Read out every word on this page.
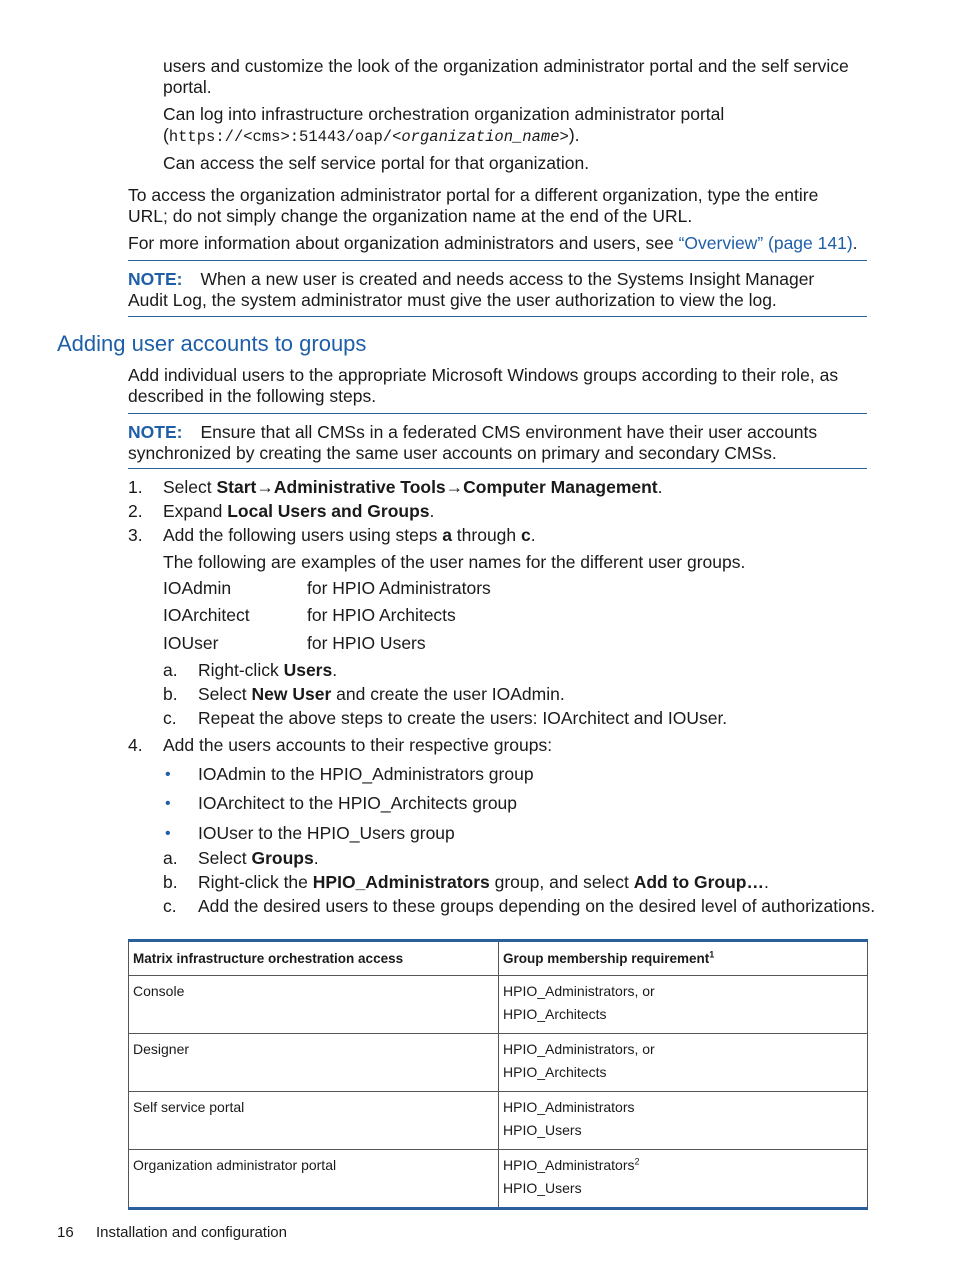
users and customize the look of the organization administrator portal and the self service portal.

Can log into infrastructure orchestration organization administrator portal
(https://<cms>:51443/oap/<organization_name>).

Can access the self service portal for that organization.

To access the organization administrator portal for a different organization, type the entire URL; do not simply change the organization name at the end of the URL.

For more information about organization administrators and users, see “Overview” (page 141).

NOTE: When a new user is created and needs access to the Systems Insight Manager Audit Log, the system administrator must give the user authorization to view the log.

Adding user accounts to groups

Add individual users to the appropriate Microsoft Windows groups according to their role, as described in the following steps.

NOTE: Ensure that all CMSs in a federated CMS environment have their user accounts synchronized by creating the same user accounts on primary and secondary CMSs.

1. Select Start→Administrative Tools→Computer Management.

2. Expand Local Users and Groups.

3. Add the following users using steps a through c.

The following are examples of the user names for the different user groups.

IOAdmin	for HPIO Administrators
IOArchitect	for HPIO Architects
IOUser	for HPIO Users
a. Right-click Users.

b. Select New User and create the user IOAdmin.

c. Repeat the above steps to create the users: IOArchitect and IOUser.

4. Add the users accounts to their respective groups:

• IOAdmin to the HPIO_Administrators group
• IOArchitect to the HPIO_Architects group
• IOUser to the HPIO_Users group
a. Select Groups.

b. Right-click the HPIO_Administrators group, and select Add to Group….

c. Add the desired users to these groups depending on the desired level of authorizations.

Matrix infrastructure orchestration access	Group membership requirement$^1$
Console	HPIO_Administrators, or
HPIO_Architects
Designer	HPIO_Administrators, or
HPIO_Architects
Self service portal	HPIO_Administrators
HPIO_Users
Organization administrator portal	HPIO_Administrators$^2$
HPIO_Users
16 Installation and configuration
